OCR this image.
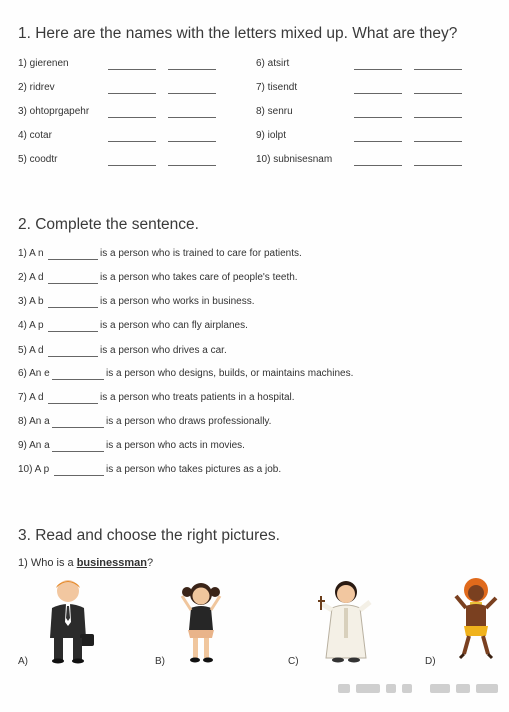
1. Here are the names with the letters mixed up. What are they?
1) gierenen
2) ridrev
3) ohtoprgapehr
4) cotar
5) coodtr
6) atsirt
7) tisendt
8) senru
9) iolpt
10) subnisesnam
2. Complete the sentence.
1) A n	is a person who is trained to care for patients.
2) A d	is a person who takes care of people's teeth.
3) A b	is a person who works in business.
4) A p	is a person who can fly airplanes.
5) A d	is a person who drives a car.
6) An e	is a person who designs, builds, or maintains machines.
7) A d	is a person who treats patients in a hospital.
8) An a	is a person who draws professionally.
9) An a	is a person who acts in movies.
10) A p	is a person who takes pictures as a job.
3. Read and choose the right pictures.
1) Who is a businessman?
A)	B)	C)	D)
